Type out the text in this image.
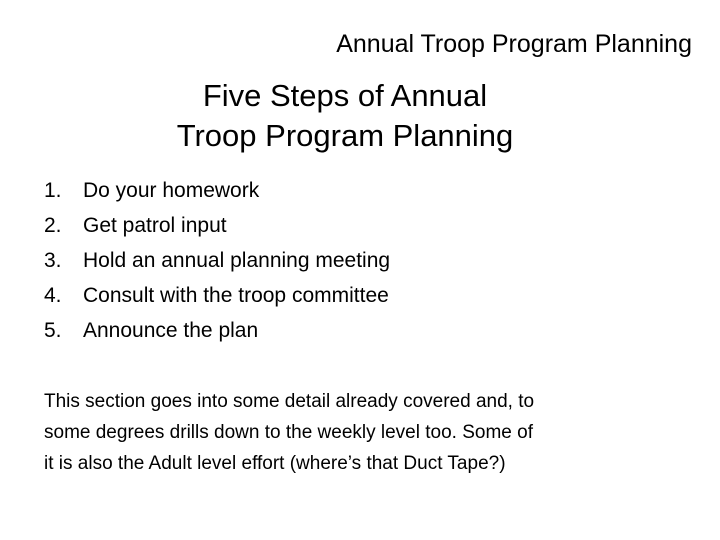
Annual Troop Program Planning
Five Steps of Annual
Troop Program Planning
1.	Do your homework
2.	Get patrol input
3.	Hold an annual planning meeting
4.	Consult with the troop committee
5.	Announce the plan

This section goes into some detail already covered and, to
some degrees drills down to the weekly level too. Some of
it is also the Adult level effort (where’s that Duct Tape?)
